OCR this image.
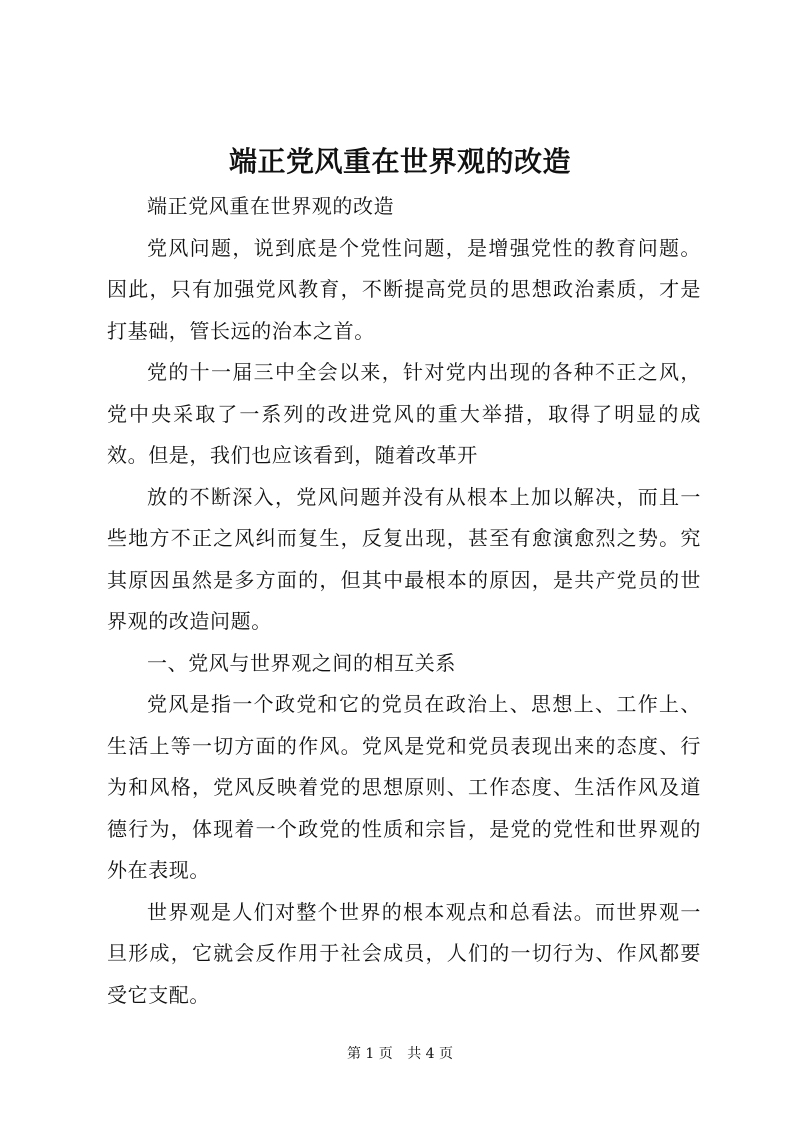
端正党风重在世界观的改造

端正党风重在世界观的改造

党风问题，说到底是个党性问题，是增强党性的教育问题。因此，只有加强党风教育，不断提高党员的思想政治素质，才是打基础，管长远的治本之首。

党的十一届三中全会以来，针对党内出现的各种不正之风，党中央采取了一系列的改进党风的重大举措，取得了明显的成效。但是，我们也应该看到，随着改革开

放的不断深入，党风问题并没有从根本上加以解决，而且一些地方不正之风纠而复生，反复出现，甚至有愈演愈烈之势。究其原因虽然是多方面的，但其中最根本的原因，是共产党员的世界观的改造问题。

一、党风与世界观之间的相互关系

党风是指一个政党和它的党员在政治上、思想上、工作上、生活上等一切方面的作风。党风是党和党员表现出来的态度、行为和风格，党风反映着党的思想原则、工作态度、生活作风及道德行为，体现着一个政党的性质和宗旨，是党的党性和世界观的外在表现。

世界观是人们对整个世界的根本观点和总看法。而世界观一旦形成，它就会反作用于社会成员，人们的一切行为、作风都要受它支配。

第 1 页 共 4 页
